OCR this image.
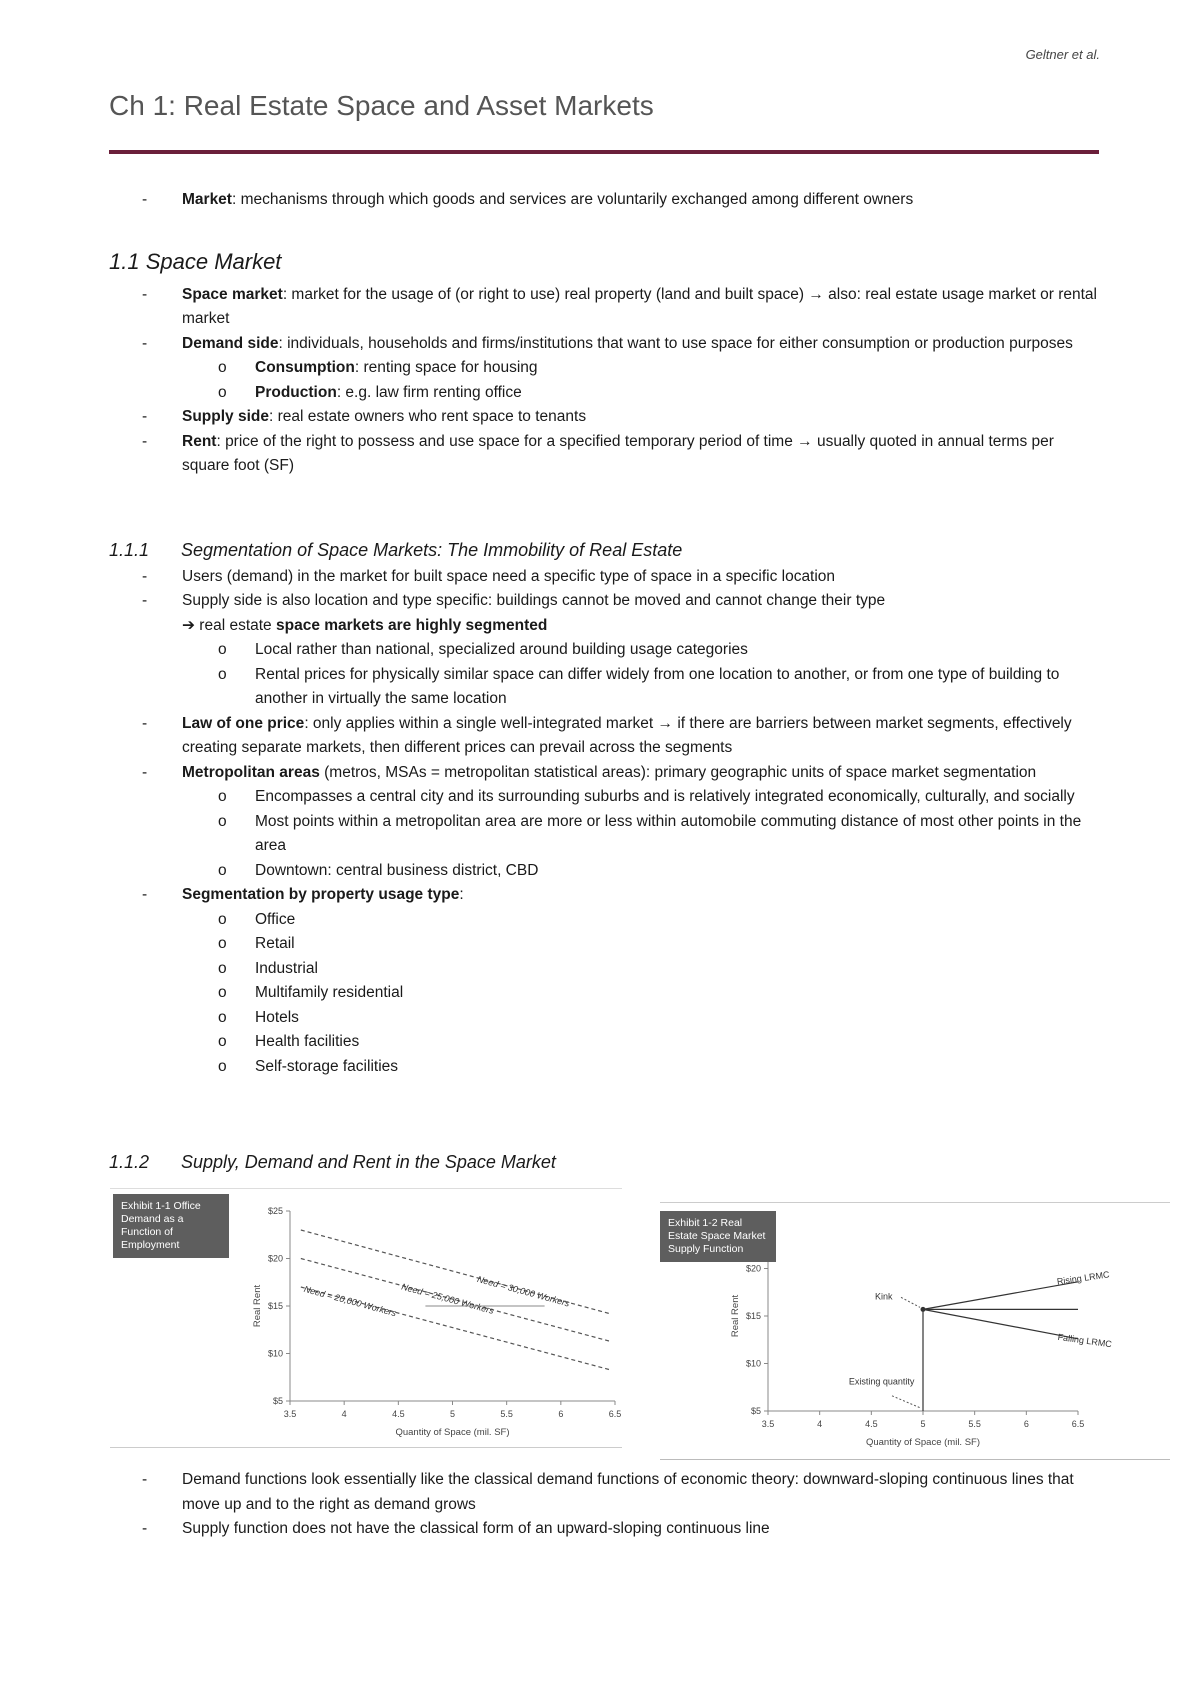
Geltner et al.
Ch 1: Real Estate Space and Asset Markets
- Market: mechanisms through which goods and services are voluntarily exchanged among different owners
1.1 Space Market
- Space market: market for the usage of (or right to use) real property (land and built space) → also: real estate usage market or rental market
- Demand side: individuals, households and firms/institutions that want to use space for either consumption or production purposes
o Consumption: renting space for housing
o Production: e.g. law firm renting office
- Supply side: real estate owners who rent space to tenants
- Rent: price of the right to possess and use space for a specified temporary period of time → usually quoted in annual terms per square foot (SF)
1.1.1	Segmentation of Space Markets: The Immobility of Real Estate
- Users (demand) in the market for built space need a specific type of space in a specific location
- Supply side is also location and type specific: buildings cannot be moved and cannot change their type
➔ real estate space markets are highly segmented
o Local rather than national, specialized around building usage categories
o Rental prices for physically similar space can differ widely from one location to another, or from one type of building to another in virtually the same location
- Law of one price: only applies within a single well-integrated market → if there are barriers between market segments, effectively creating separate markets, then different prices can prevail across the segments
- Metropolitan areas (metros, MSAs = metropolitan statistical areas): primary geographic units of space market segmentation
o Encompasses a central city and its surrounding suburbs and is relatively integrated economically, culturally, and socially
o Most points within a metropolitan area are more or less within automobile commuting distance of most other points in the area
o Downtown: central business district, CBD
- Segmentation by property usage type:
o Office
o Retail
o Industrial
o Multifamily residential
o Hotels
o Health facilities
o Self-storage facilities
1.1.2	Supply, Demand and Rent in the Space Market
Exhibit 1-1 Office Demand as a Function of Employment
3.5	4	4.5	5	5.5	6	6.5
$5
$10
$15
$20
$25
Quantity of Space (mil. SF)
Real Rent	Need = 30,000 Workers
Need = 25,000 Workers
Need = 20,000 Workers
Exhibit 1-2 Real Estate Space Market Supply Function
3.5	4	4.5	5	5.5	6	6.5
$5
$10
$15
$20
Quantity of Space (mil. SF)
Real Rent	Kink
Rising LRMC
Falling LRMC
Existing quantity
- Demand functions look essentially like the classical demand functions of economic theory: downward-sloping continuous lines that move up and to the right as demand grows
- Supply function does not have the classical form of an upward-sloping continuous line
